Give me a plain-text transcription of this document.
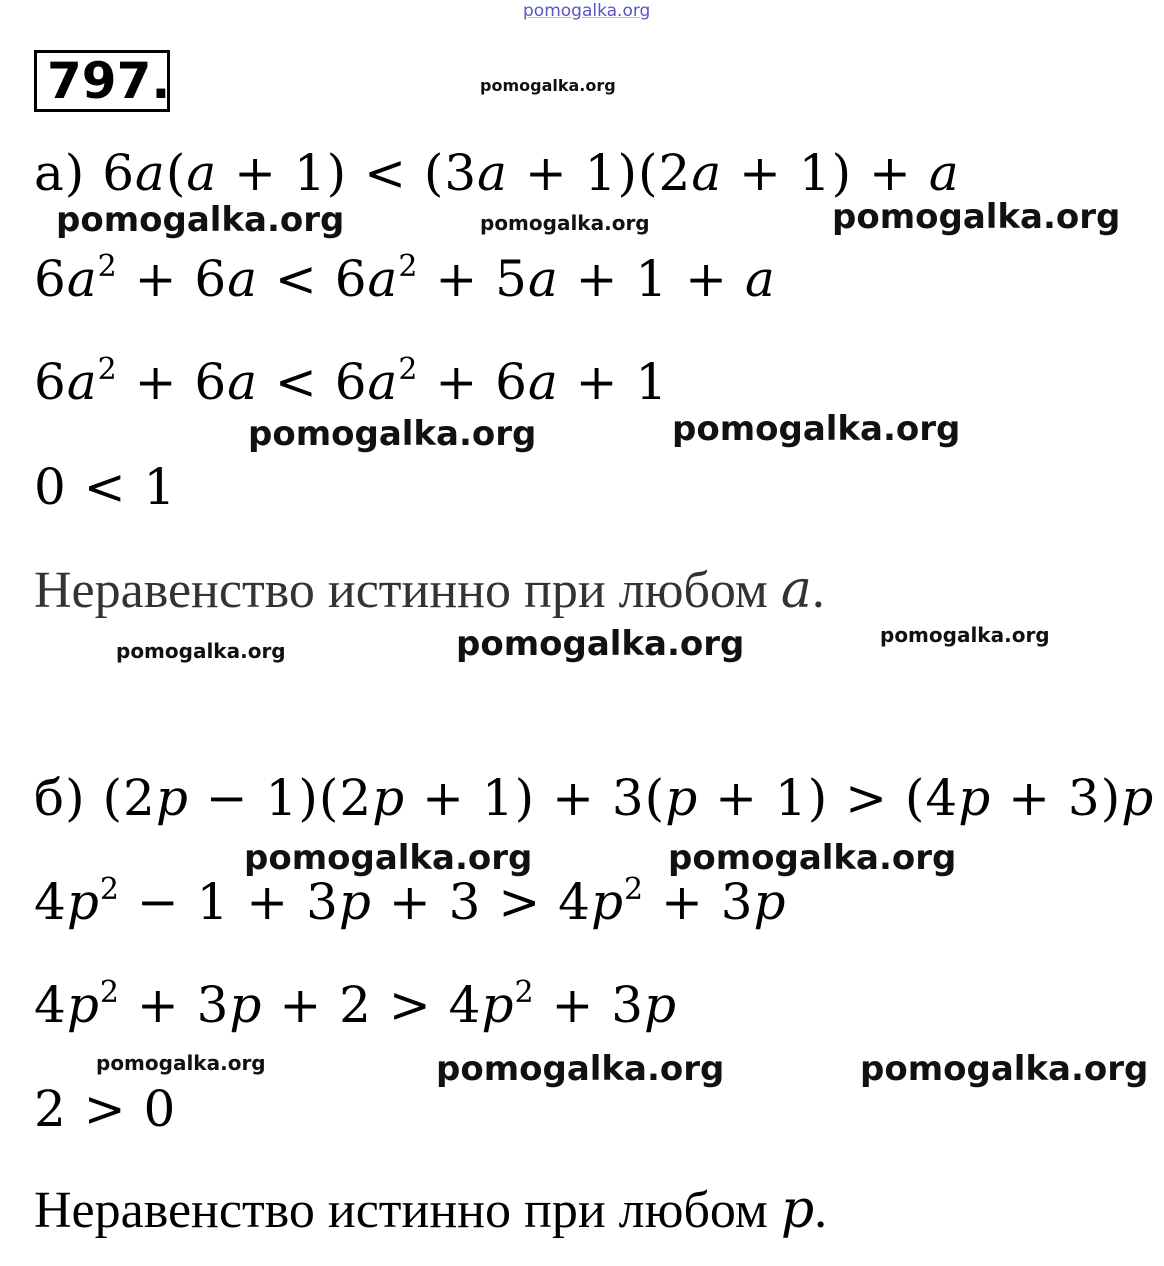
pomogalka.org
pomogalka.org
pomogalka.org	pomogalka.org	pomogalka.org
pomogalka.org	pomogalka.org
pomogalka.org	pomogalka.org	pomogalka.org
pomogalka.org	pomogalka.org
pomogalka.org	pomogalka.org	pomogalka.org
797.
а) 6a(a + 1) < (3a + 1)(2a + 1) + a
$6a^2 + 6a < 6a^2 + 5a + 1 + a$
$6a^2 + 6a < 6a^2 + 6a + 1$
0 < 1
Неравенство истинно при любом a.
б) (2p − 1)(2p + 1) + 3(p + 1) > (4p + 3)p
$4p^2 - 1 + 3p + 3 > 4p^2 + 3p$
$4p^2 + 3p + 2 > 4p^2 + 3p$
2 > 0
Неравенство истинно при любом p.
